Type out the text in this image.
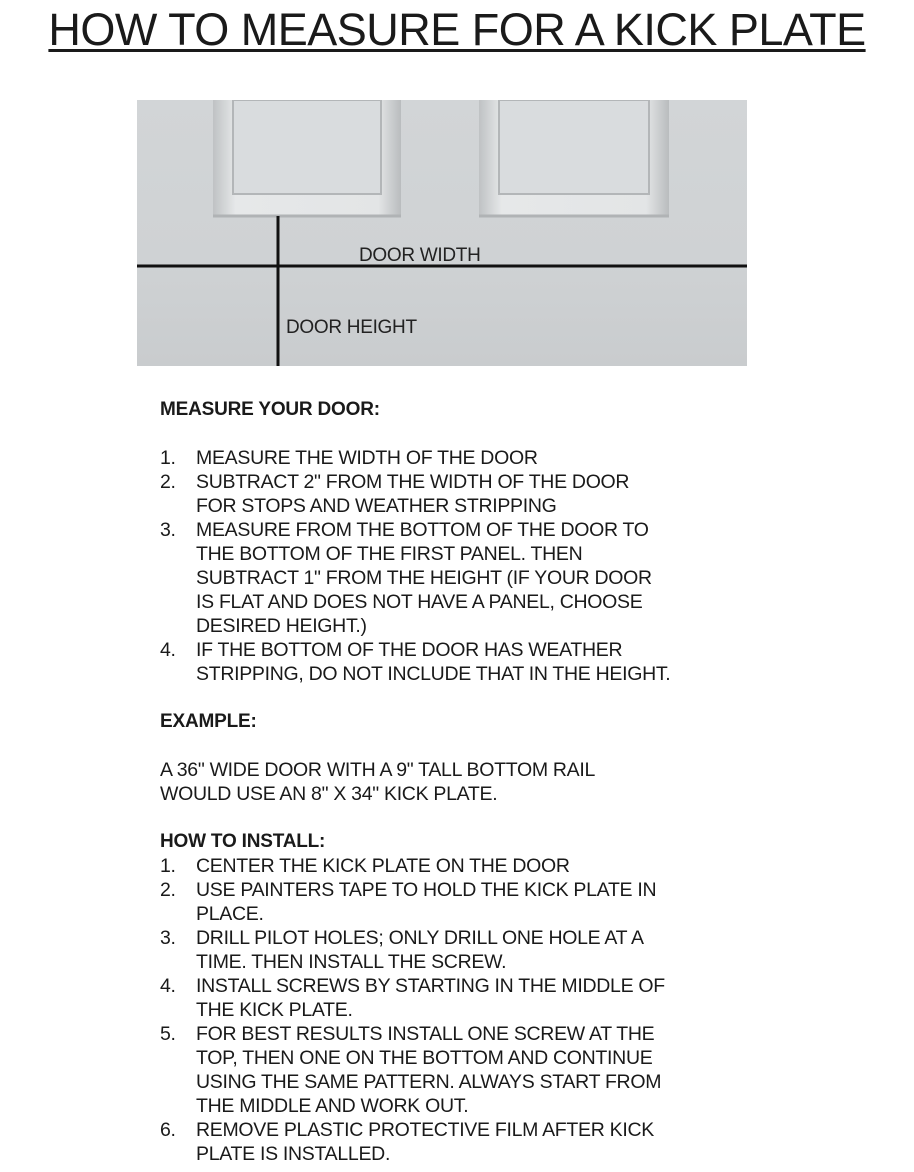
HOW TO MEASURE FOR A KICK PLATE
DOOR WIDTH
DOOR HEIGHT
MEASURE YOUR DOOR:
1. MEASURE THE WIDTH OF THE DOOR
2. SUBTRACT 2" FROM THE WIDTH OF THE DOOR
FOR STOPS AND WEATHER STRIPPING
3. MEASURE FROM THE BOTTOM OF THE DOOR TO
THE BOTTOM OF THE FIRST PANEL. THEN
SUBTRACT 1" FROM THE HEIGHT (IF YOUR DOOR
IS FLAT AND DOES NOT HAVE A PANEL, CHOOSE
DESIRED HEIGHT.)
4. IF THE BOTTOM OF THE DOOR HAS WEATHER
STRIPPING, DO NOT INCLUDE THAT IN THE HEIGHT.
EXAMPLE:

A 36" WIDE DOOR WITH A 9" TALL BOTTOM RAIL
WOULD USE AN 8" X 34" KICK PLATE.

HOW TO INSTALL:
1. CENTER THE KICK PLATE ON THE DOOR
2. USE PAINTERS TAPE TO HOLD THE KICK PLATE IN
PLACE.
3. DRILL PILOT HOLES; ONLY DRILL ONE HOLE AT A
TIME. THEN INSTALL THE SCREW.
4. INSTALL SCREWS BY STARTING IN THE MIDDLE OF
THE KICK PLATE.
5. FOR BEST RESULTS INSTALL ONE SCREW AT THE
TOP, THEN ONE ON THE BOTTOM AND CONTINUE
USING THE SAME PATTERN. ALWAYS START FROM
THE MIDDLE AND WORK OUT.
6. REMOVE PLASTIC PROTECTIVE FILM AFTER KICK
PLATE IS INSTALLED.
